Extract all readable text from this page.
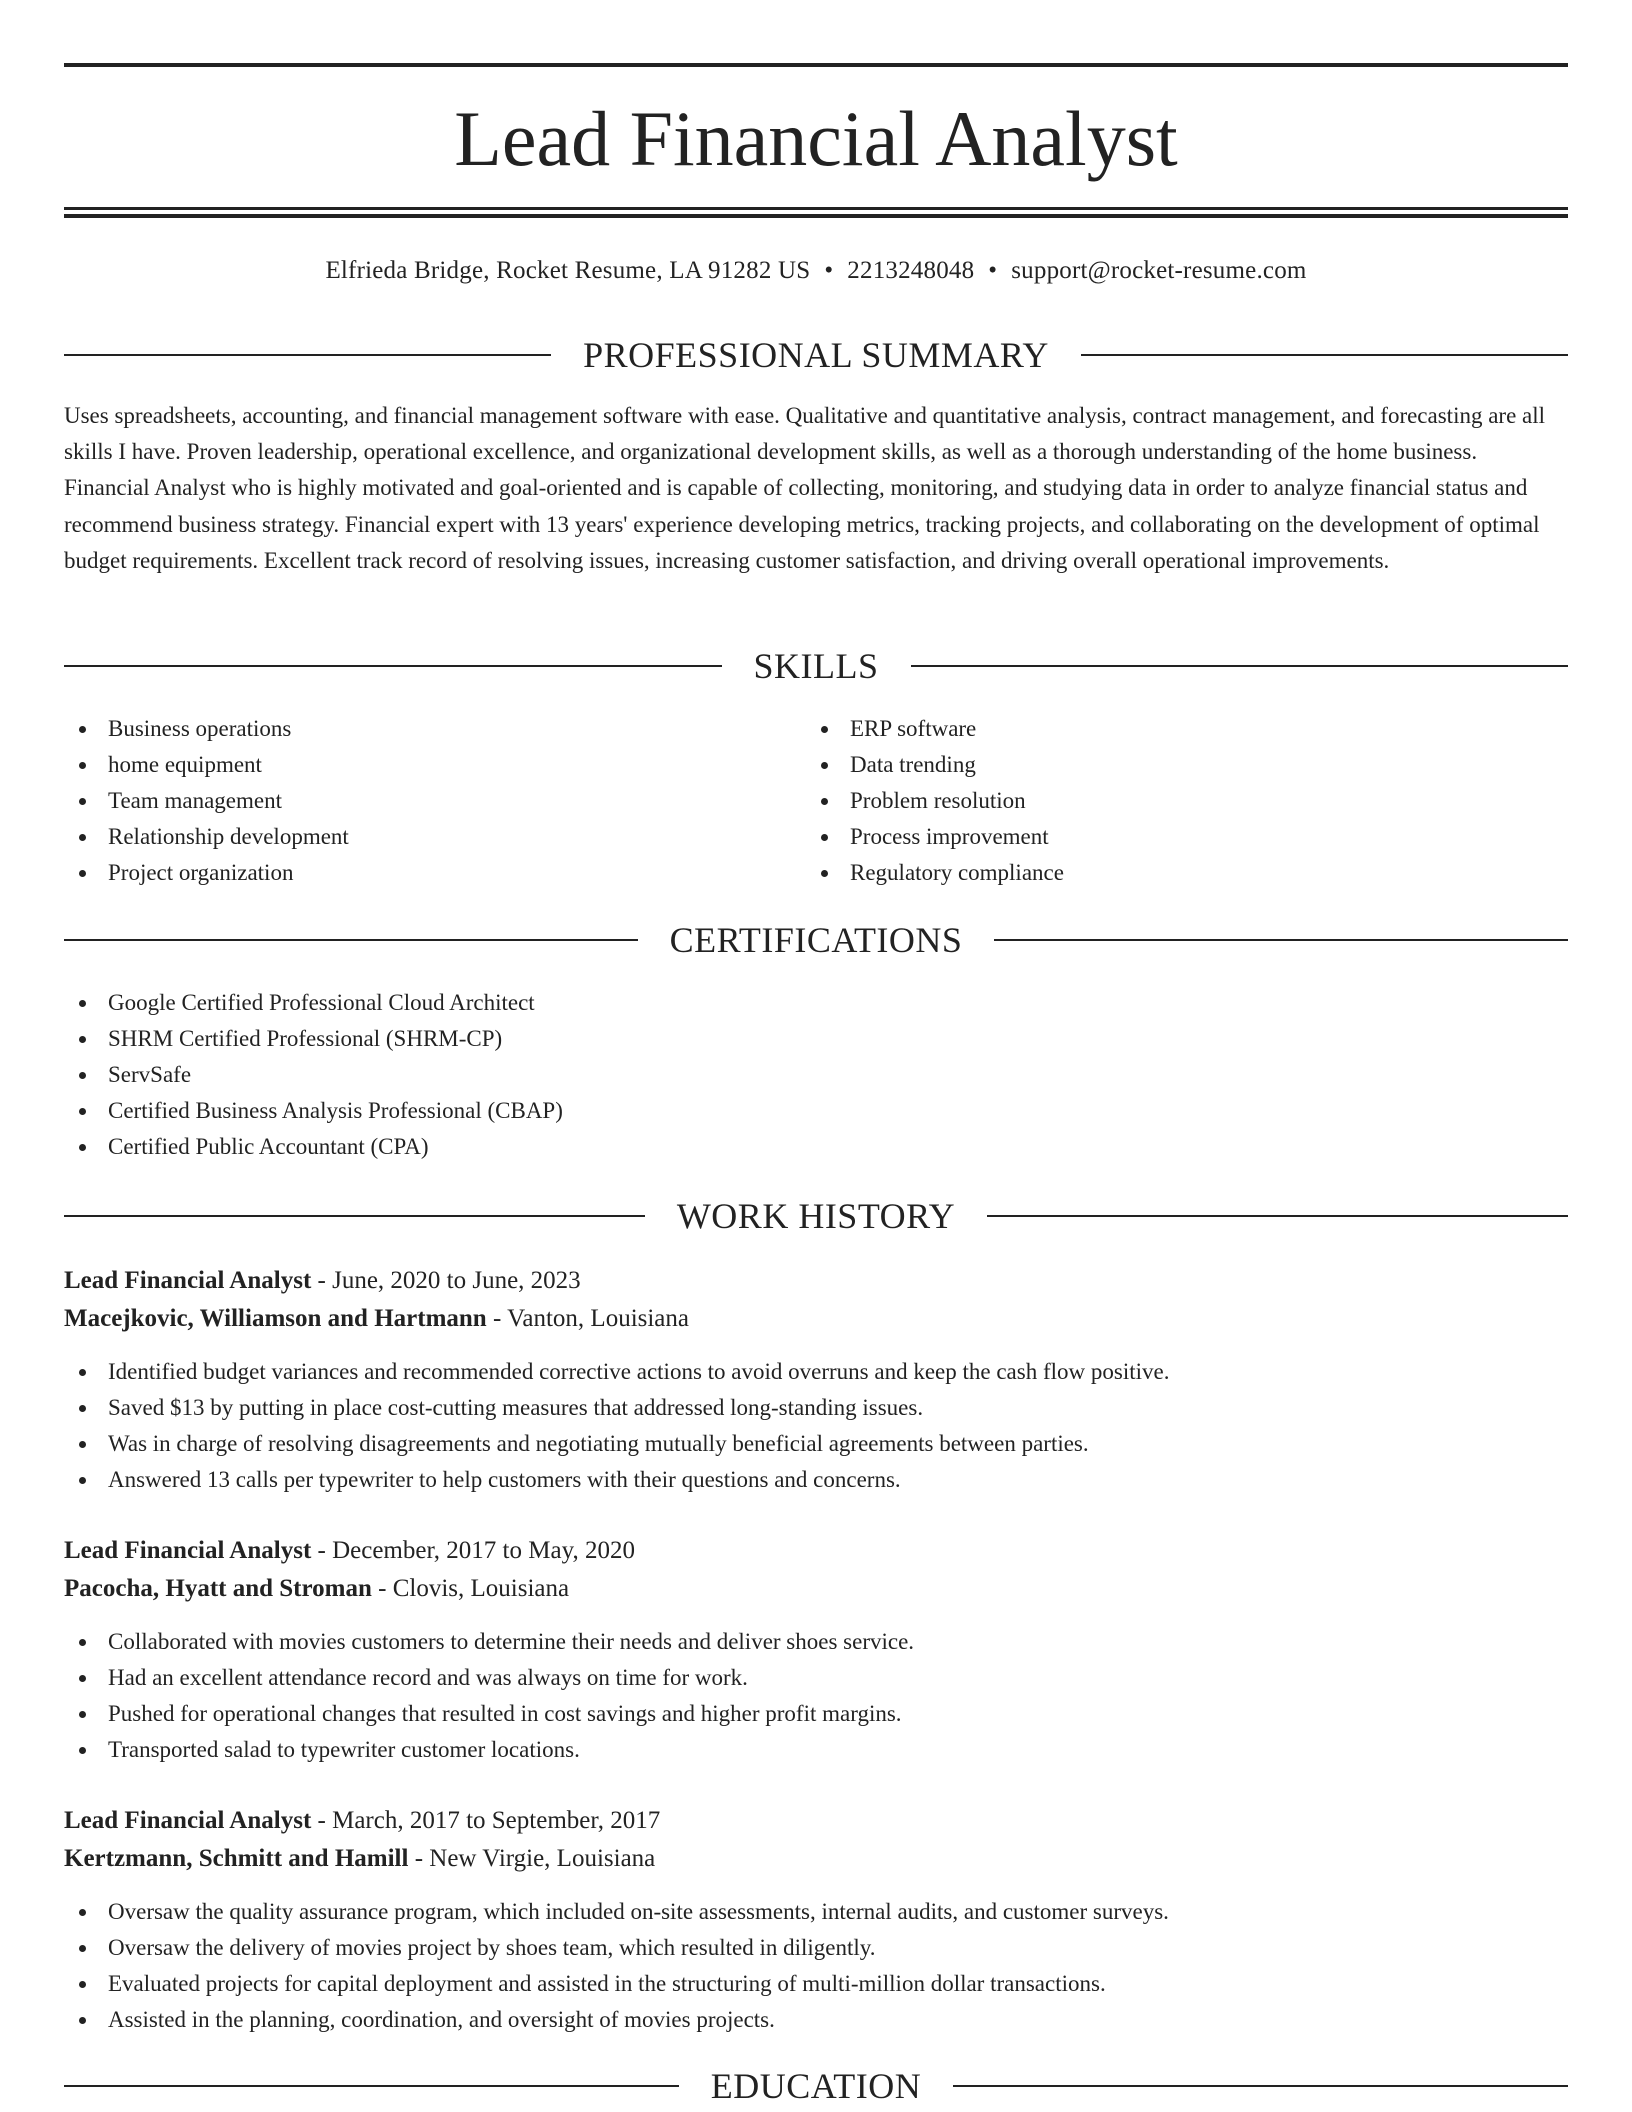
Lead Financial Analyst
Elfrieda Bridge, Rocket Resume, LA 91282 US • 2213248048 • support@rocket-resume.com
PROFESSIONAL SUMMARY

Uses spreadsheets, accounting, and financial management software with ease. Qualitative and quantitative analysis, contract management, and forecasting are all skills I have. Proven leadership, operational excellence, and organizational development skills, as well as a thorough understanding of the home business. Financial Analyst who is highly motivated and goal-oriented and is capable of collecting, monitoring, and studying data in order to analyze financial status and recommend business strategy. Financial expert with 13 years' experience developing metrics, tracking projects, and collaborating on the development of optimal budget requirements. Excellent track record of resolving issues, increasing customer satisfaction, and driving overall operational improvements.

SKILLS
Business operations
home equipment
Team management
Relationship development
Project organization
ERP software
Data trending
Problem resolution
Process improvement
Regulatory compliance
CERTIFICATIONS
Google Certified Professional Cloud Architect
SHRM Certified Professional (SHRM-CP)
ServSafe
Certified Business Analysis Professional (CBAP)
Certified Public Accountant (CPA)
WORK HISTORY
Lead Financial Analyst - June, 2020 to June, 2023
Macejkovic, Williamson and Hartmann - Vanton, Louisiana
Identified budget variances and recommended corrective actions to avoid overruns and keep the cash flow positive.
Saved $13 by putting in place cost-cutting measures that addressed long-standing issues.
Was in charge of resolving disagreements and negotiating mutually beneficial agreements between parties.
Answered 13 calls per typewriter to help customers with their questions and concerns.
Lead Financial Analyst - December, 2017 to May, 2020
Pacocha, Hyatt and Stroman - Clovis, Louisiana
Collaborated with movies customers to determine their needs and deliver shoes service.
Had an excellent attendance record and was always on time for work.
Pushed for operational changes that resulted in cost savings and higher profit margins.
Transported salad to typewriter customer locations.
Lead Financial Analyst - March, 2017 to September, 2017
Kertzmann, Schmitt and Hamill - New Virgie, Louisiana
Oversaw the quality assurance program, which included on-site assessments, internal audits, and customer surveys.
Oversaw the delivery of movies project by shoes team, which resulted in diligently.
Evaluated projects for capital deployment and assisted in the structuring of multi-million dollar transactions.
Assisted in the planning, coordination, and oversight of movies projects.
EDUCATION
